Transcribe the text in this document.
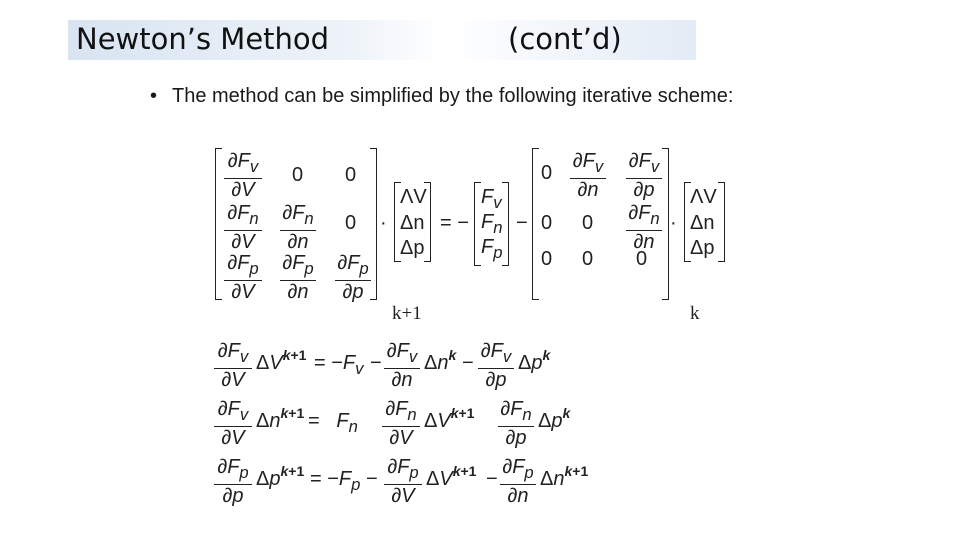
Newton’s Method	(cont’d)
• The method can be simplified by the following iterative scheme:
$\partial F_v$
∂V
$\partial F_n$
∂V
$\partial F_p$
∂V
0
$\partial F_n$
∂n
$\partial F_p$
∂n
0
0
$\partial F_p$
∂p
·
ΛV
Δn
Δp
= −
$F_v$
$F_n$
$F_p$
−
0
0
0
$\partial F_v$
∂n
0
0
$\partial F_v$
∂p
$\partial F_n$
∂n
0
·
ΛV
Δn
Δp
k+1	k
$\partial F_v$
∂V
$\Delta V^{k+1} = -F_v$ −
$\partial F_v$
∂n
$\Delta n^k$ −
$\partial F_v$
∂p
$\Delta p^k$
$\partial F_v$
∂V
$\Delta n^{k+1} = F_n$
$\partial F_n$
∂V
$\Delta V^{k+1}$ $\partial F_n$
∂p
$\Delta p^k$
$\partial F_p$
∂p
$\Delta p^{k+1} = -F_p$ −
$\partial F_p$
∂V
$\Delta V^{k+1}$ −
$\partial F_p$
∂n
$\Delta n^{k+1}$
